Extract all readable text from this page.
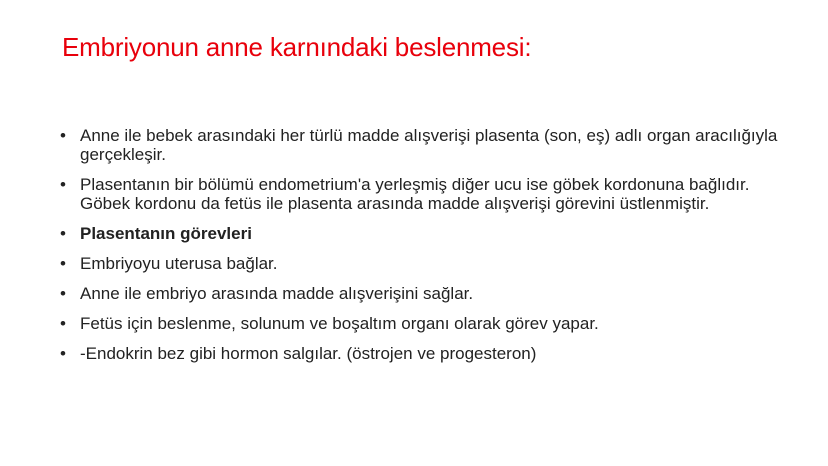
Embriyonun anne karnındaki beslenmesi:
• Anne ile bebek arasındaki her türlü madde alışverişi plasenta (son, eş) adlı organ aracılığıyla gerçekleşir.
• Plasentanın bir bölümü endometrium'a yerleşmiş diğer ucu ise göbek kordonuna bağlıdır. Göbek kordonu da fetüs ile plasenta arasında madde alışverişi görevini üstlenmiştir.
• Plasentanın görevleri
• Embriyoyu uterusa bağlar.
• Anne ile embriyo arasında madde alışverişini sağlar.
• Fetüs için beslenme, solunum ve boşaltım organı olarak görev yapar.
• -Endokrin bez gibi hormon salgılar. (östrojen ve progesteron)
